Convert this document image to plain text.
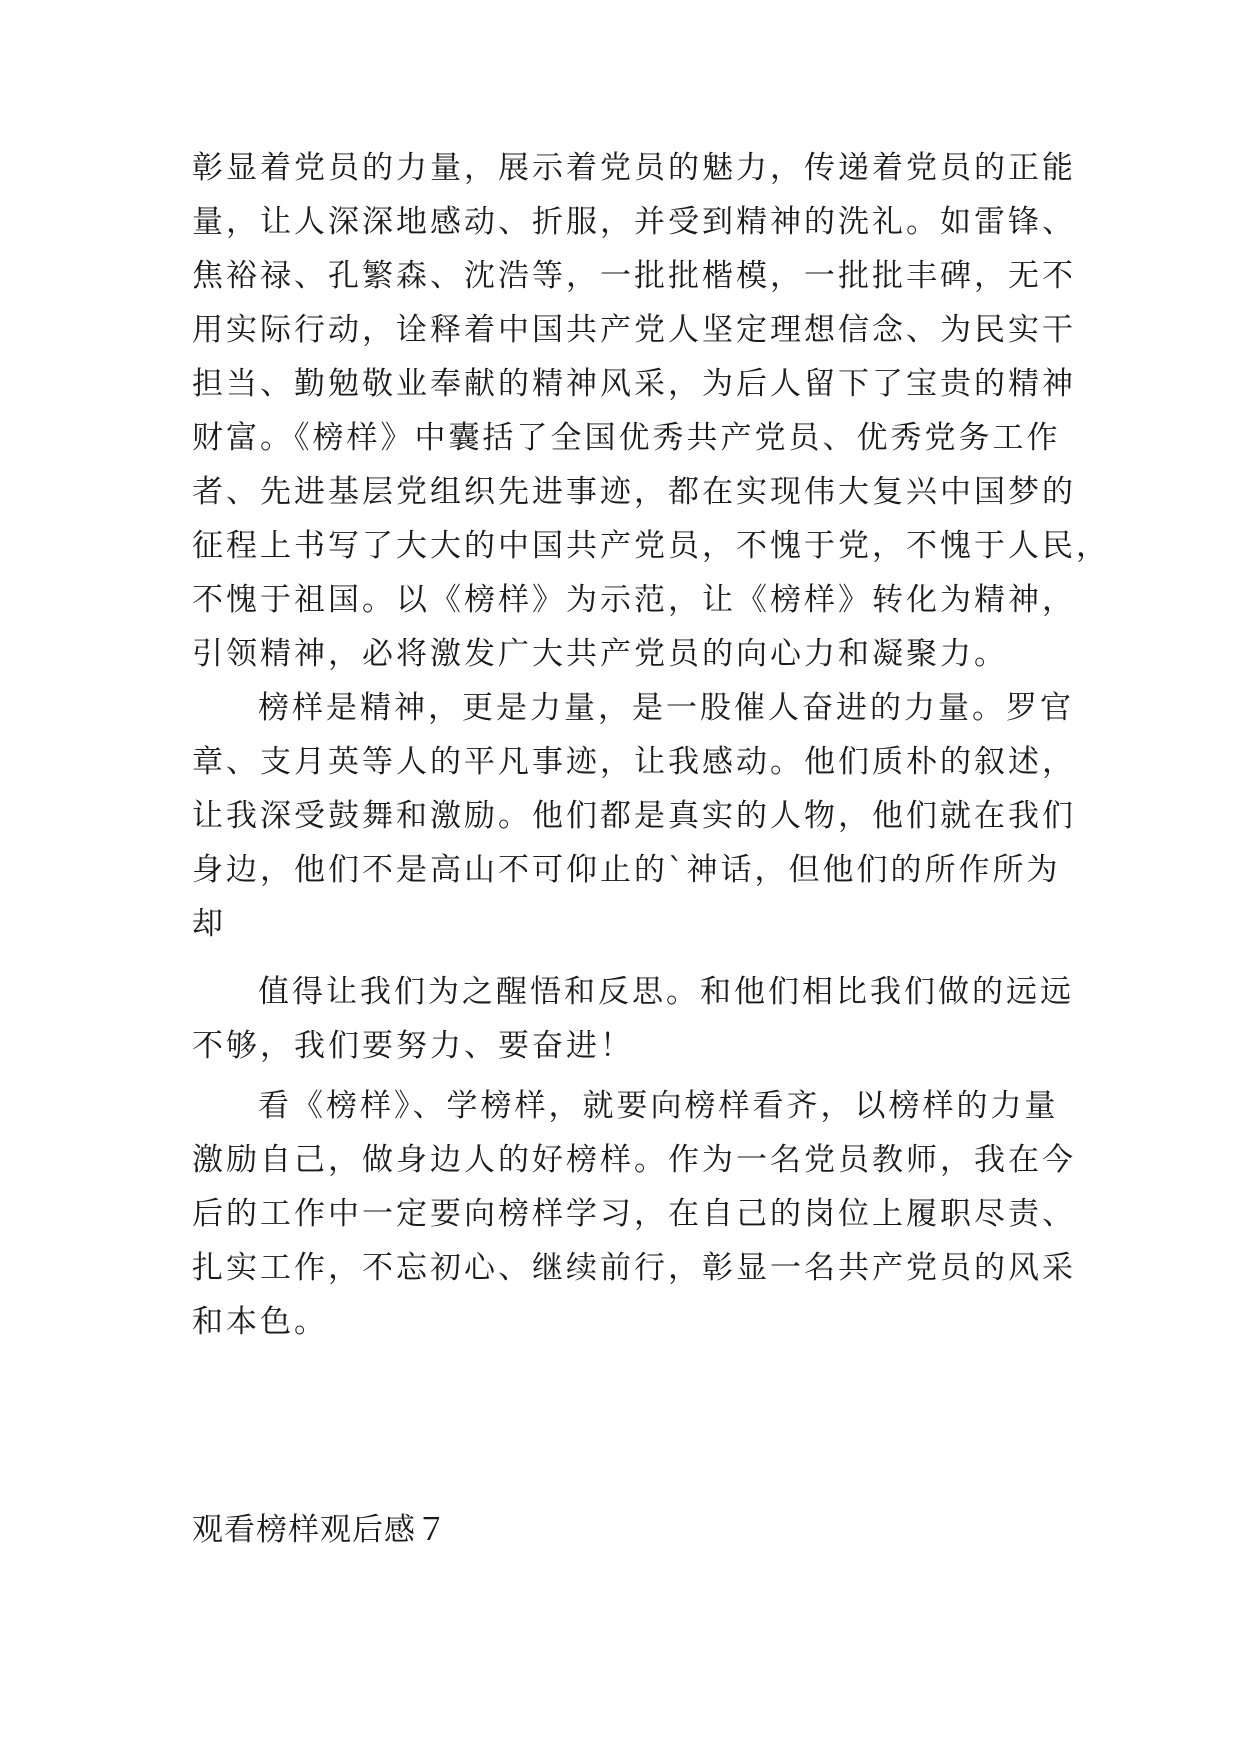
彰显着党员的力量，展示着党员的魅力，传递着党员的正能
量，让人深深地感动、折服，并受到精神的洗礼。如雷锋、
焦裕禄、孔繁森、沈浩等，一批批楷模，一批批丰碑，无不
用实际行动，诠释着中国共产党人坚定理想信念、为民实干
担当、勤勉敬业奉献的精神风采，为后人留下了宝贵的精神
财富。《榜样》中囊括了全国优秀共产党员、优秀党务工作
者、先进基层党组织先进事迹，都在实现伟大复兴中国梦的
征程上书写了大大的中国共产党员，不愧于党，不愧于人民，
不愧于祖国。以《榜样》为示范，让《榜样》转化为精神，
引领精神，必将激发广大共产党员的向心力和凝聚力。
榜样是精神，更是力量，是一股催人奋进的力量。罗官
章、支月英等人的平凡事迹，让我感动。他们质朴的叙述，
让我深受鼓舞和激励。他们都是真实的人物，他们就在我们
身边，他们不是高山不可仰止的`神话，但他们的所作所为
却
值得让我们为之醒悟和反思。和他们相比我们做的远远
不够，我们要努力、要奋进！
看《榜样》、学榜样，就要向榜样看齐，以榜样的力量
激励自己，做身边人的好榜样。作为一名党员教师，我在今
后的工作中一定要向榜样学习，在自己的岗位上履职尽责、
扎实工作，不忘初心、继续前行，彰显一名共产党员的风采
和本色。
观看榜样观后感７
